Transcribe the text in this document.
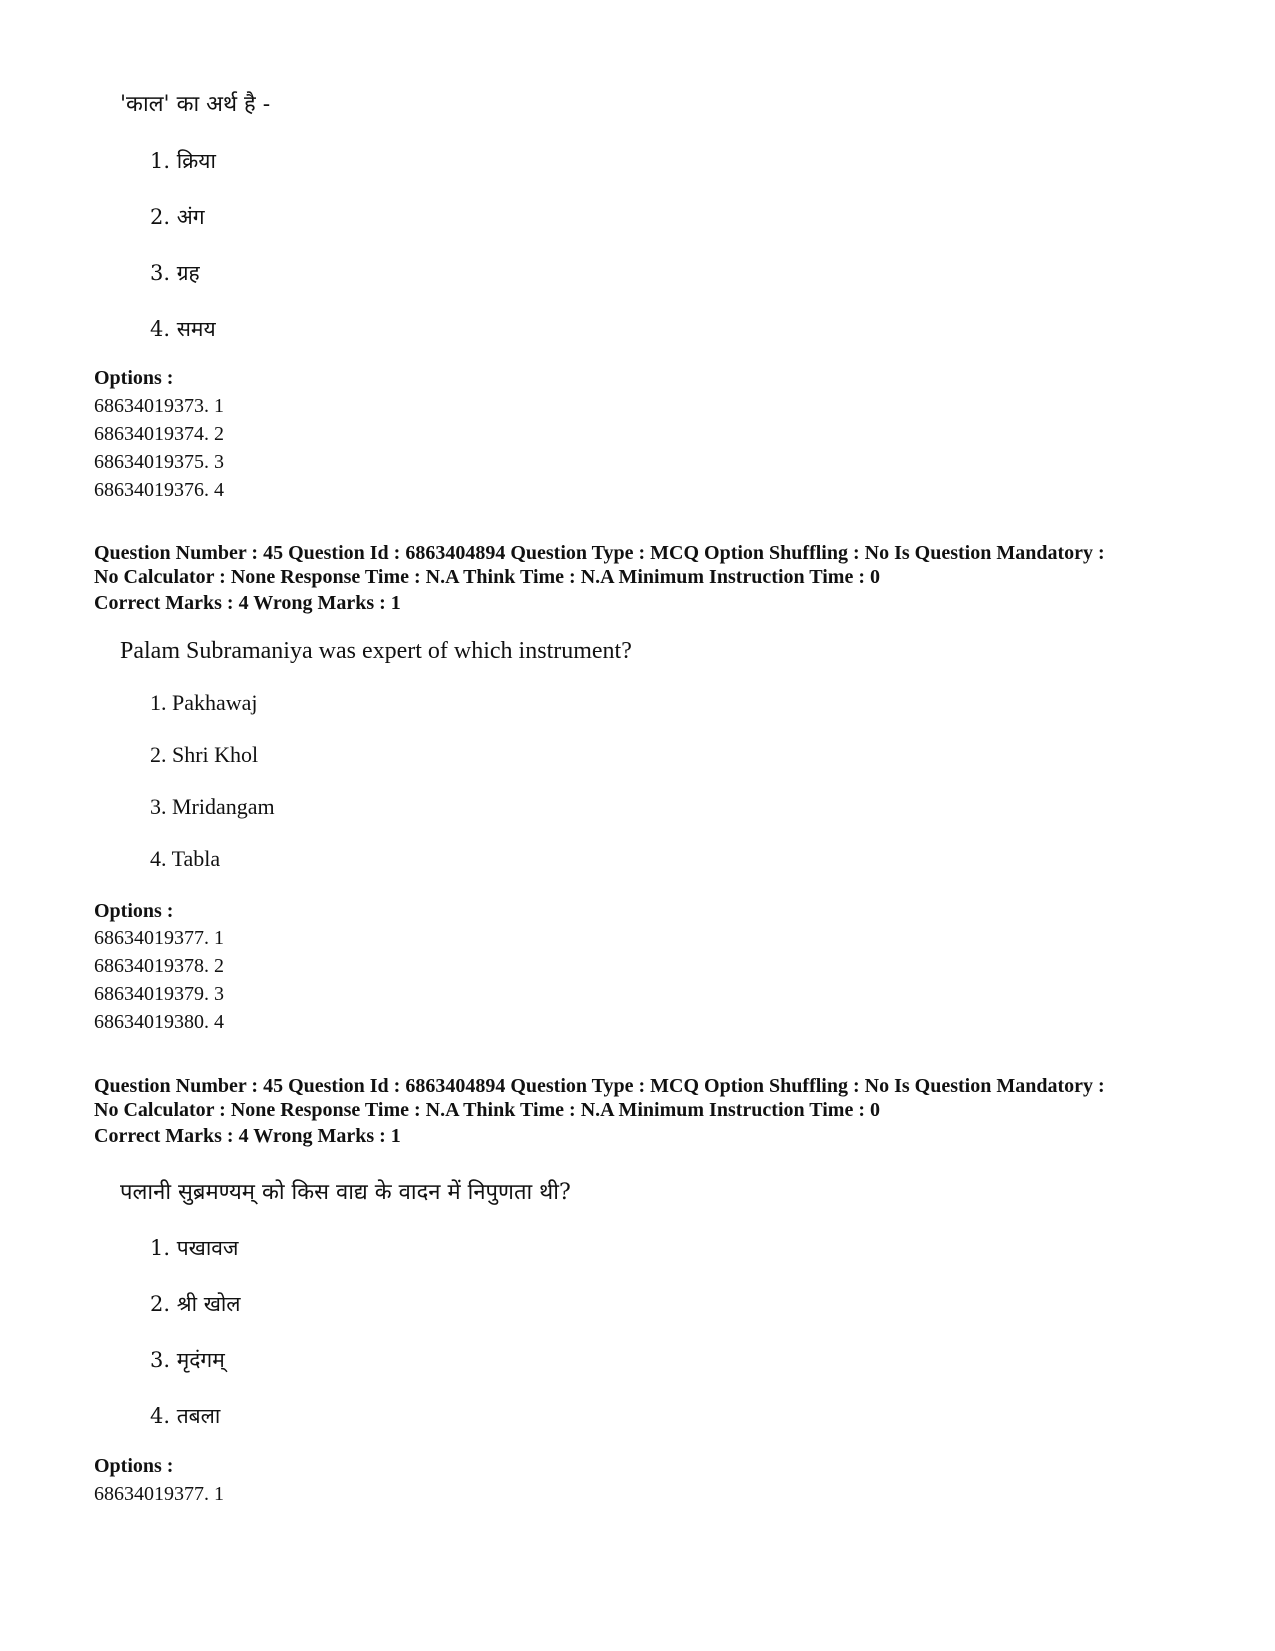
'काल' का अर्थ है -
1. क्रिया
2. अंग
3. ग्रह
4. समय
Options :
68634019373. 1
68634019374. 2
68634019375. 3
68634019376. 4
Question Number : 45 Question Id : 6863404894 Question Type : MCQ Option Shuffling : No Is Question Mandatory :
No Calculator : None Response Time : N.A Think Time : N.A Minimum Instruction Time : 0
Correct Marks : 4 Wrong Marks : 1
Palam Subramaniya was expert of which instrument?
1. Pakhawaj
2. Shri Khol
3. Mridangam
4. Tabla
Options :
68634019377. 1
68634019378. 2
68634019379. 3
68634019380. 4
Question Number : 45 Question Id : 6863404894 Question Type : MCQ Option Shuffling : No Is Question Mandatory :
No Calculator : None Response Time : N.A Think Time : N.A Minimum Instruction Time : 0
Correct Marks : 4 Wrong Marks : 1
पलानी सुब्रमण्यम् को किस वाद्य के वादन में निपुणता थी?
1. पखावज
2. श्री खोल
3. मृदंगम्
4. तबला
Options :
68634019377. 1
